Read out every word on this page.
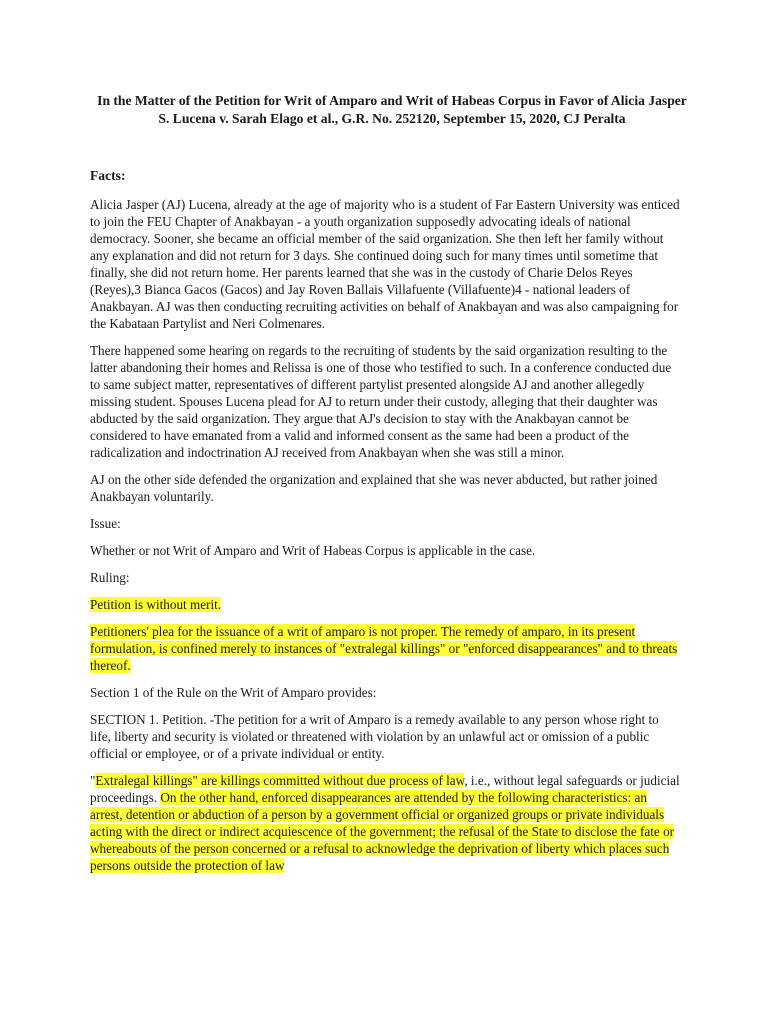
In the Matter of the Petition for Writ of Amparo and Writ of Habeas Corpus in Favor of Alicia Jasper S. Lucena v. Sarah Elago et al., G.R. No. 252120, September 15, 2020, CJ Peralta
Facts:

Alicia Jasper (AJ) Lucena, already at the age of majority who is a student of Far Eastern University was enticed to join the FEU Chapter of Anakbayan - a youth organization supposedly advocating ideals of national democracy. Sooner, she became an official member of the said organization. She then left her family without any explanation and did not return for 3 days. She continued doing such for many times until sometime that finally, she did not return home. Her parents learned that she was in the custody of Charie Delos Reyes (Reyes),3 Bianca Gacos (Gacos) and Jay Roven Ballais Villafuente (Villafuente)4 - national leaders of Anakbayan. AJ was then conducting recruiting activities on behalf of Anakbayan and was also campaigning for the Kabataan Partylist and Neri Colmenares.

There happened some hearing on regards to the recruiting of students by the said organization resulting to the latter abandoning their homes and Relissa is one of those who testified to such. In a conference conducted due to same subject matter, representatives of different partylist presented alongside AJ and another allegedly missing student. Spouses Lucena plead for AJ to return under their custody, alleging that their daughter was abducted by the said organization. They argue that AJ's decision to stay with the Anakbayan cannot be considered to have emanated from a valid and informed consent as the same had been a product of the radicalization and indoctrination AJ received from Anakbayan when she was still a minor.

AJ on the other side defended the organization and explained that she was never abducted, but rather joined Anakbayan voluntarily.

Issue:

Whether or not Writ of Amparo and Writ of Habeas Corpus is applicable in the case.

Ruling:

Petition is without merit.

Petitioners' plea for the issuance of a writ of amparo is not proper. The remedy of amparo, in its present formulation, is confined merely to instances of "extralegal killings" or "enforced disappearances" and to threats thereof.

Section 1 of the Rule on the Writ of Amparo provides:

SECTION 1. Petition. -The petition for a writ of Amparo is a remedy available to any person whose right to life, liberty and security is violated or threatened with violation by an unlawful act or omission of a public official or employee, or of a private individual or entity.

"Extralegal killings" are killings committed without due process of law, i.e., without legal safeguards or judicial proceedings. On the other hand, enforced disappearances are attended by the following characteristics: an arrest, detention or abduction of a person by a government official or organized groups or private individuals acting with the direct or indirect acquiescence of the government; the refusal of the State to disclose the fate or whereabouts of the person concerned or a refusal to acknowledge the deprivation of liberty which places such persons outside the protection of law
